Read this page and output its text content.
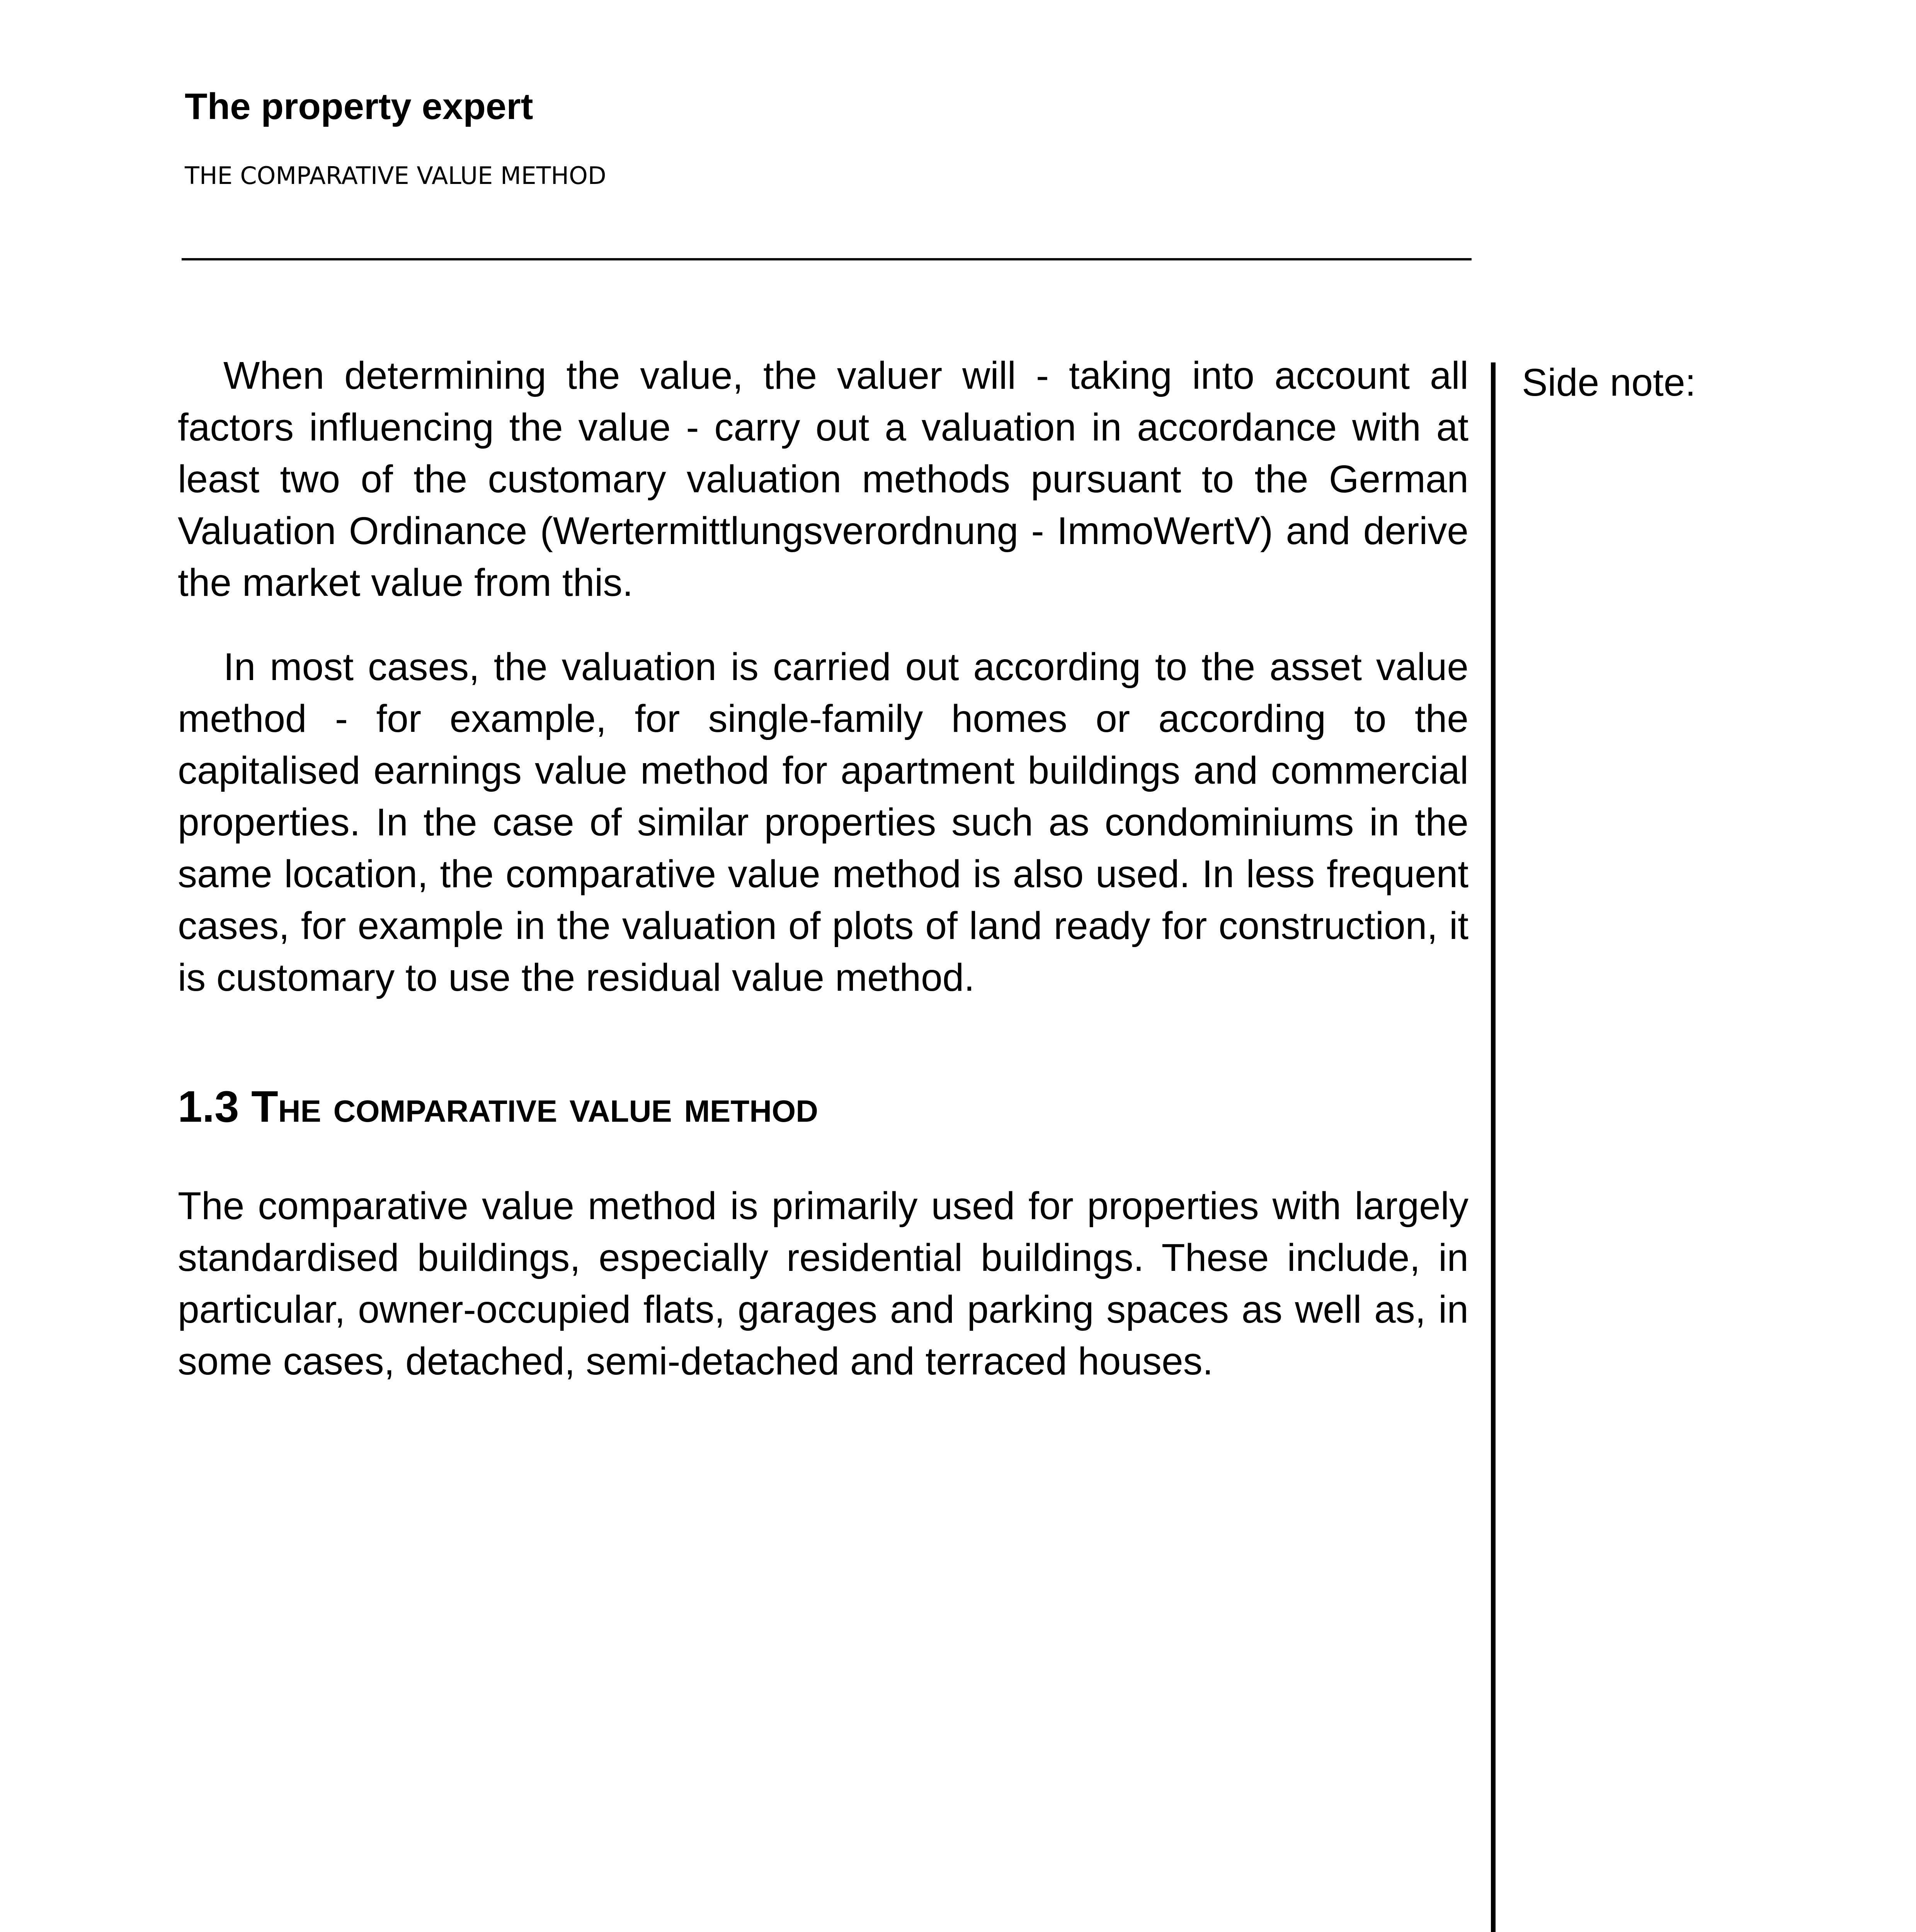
The property expert
THE COMPARATIVE VALUE METHOD
Side note:

When determining the value, the valuer will - taking into account all factors influencing the value - carry out a valuation in accordance with at least two of the customary valuation methods pursuant to the German Valuation Ordinance (Wertermittlungsverordnung - ImmoWertV) and derive the market value from this.

In most cases, the valuation is carried out according to the asset value method - for example, for single-family homes or according to the capitalised earnings value method for apartment buildings and commercial properties. In the case of similar properties such as condominiums in the same location, the comparative value method is also used. In less frequent cases, for example in the valuation of plots of land ready for construction, it is customary to use the residual value method.

1.3 The comparative value method

The comparative value method is primarily used for properties with largely standardised buildings, especially residential buildings. These include, in particular, owner-occupied flats, garages and parking spaces as well as, in some cases, detached, semi-detached and terraced houses.
